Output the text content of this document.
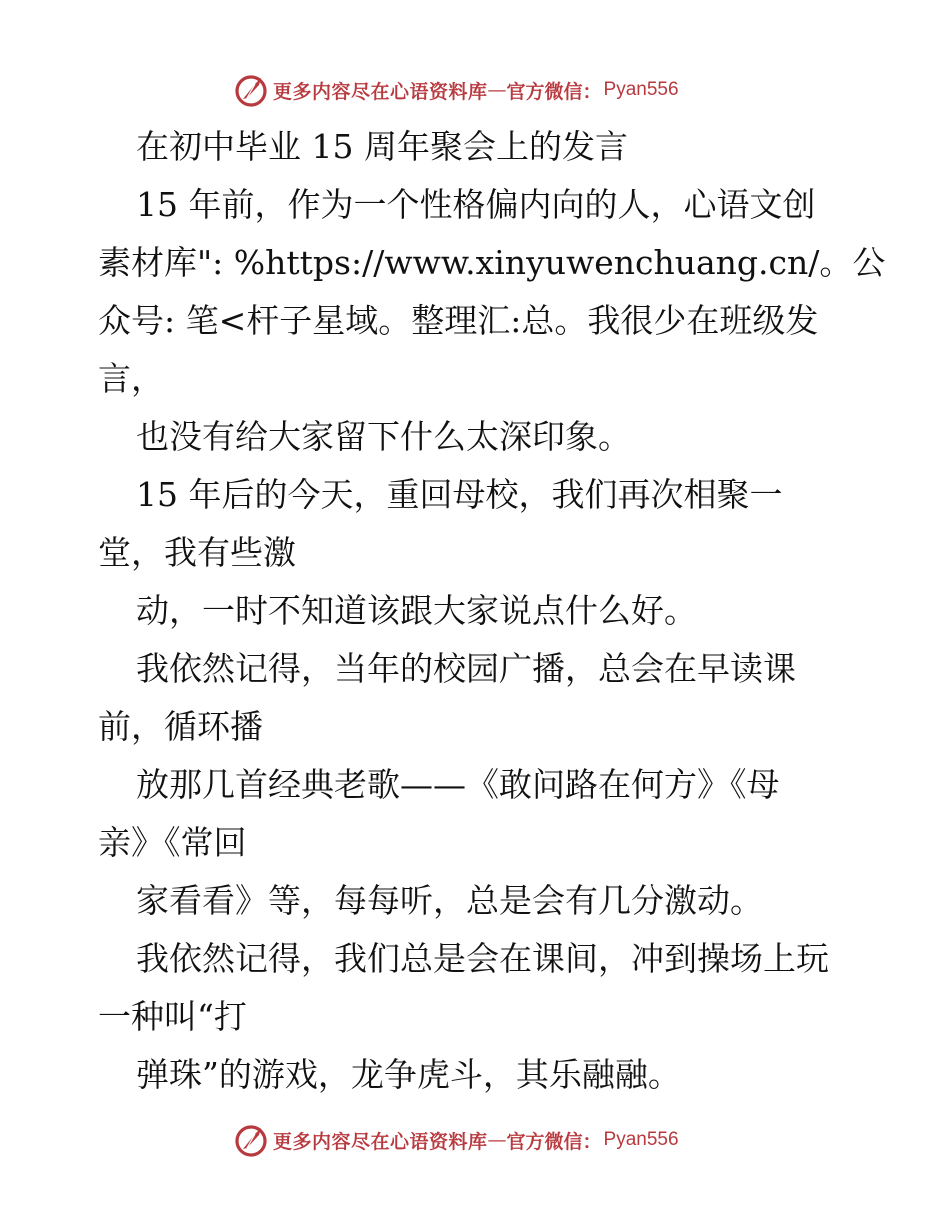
更多内容尽在心语资料库 — 官方微信： Pyan556
在初中毕业 15 周年聚会上的发言
15 年前，作为一个性格偏内向的人，心语文创
素材库": %https://www.xinyuwenchuang.cn/。公
众号: 笔<杆子星域。整理汇:总。我很少在班级发
言，
也没有给大家留下什么太深印象。
15 年后的今天，重回母校，我们再次相聚一
堂，我有些激
动，一时不知道该跟大家说点什么好。
我依然记得，当年的校园广播，总会在早读课
前，循环播
放那几首经典老歌——《敢问路在何方》《母
亲》《常回
家看看》等，每每听，总是会有几分激动。
我依然记得，我们总是会在课间，冲到操场上玩
一种叫“打
弹珠”的游戏，龙争虎斗，其乐融融。
更多内容尽在心语资料库 — 官方微信： Pyan556
